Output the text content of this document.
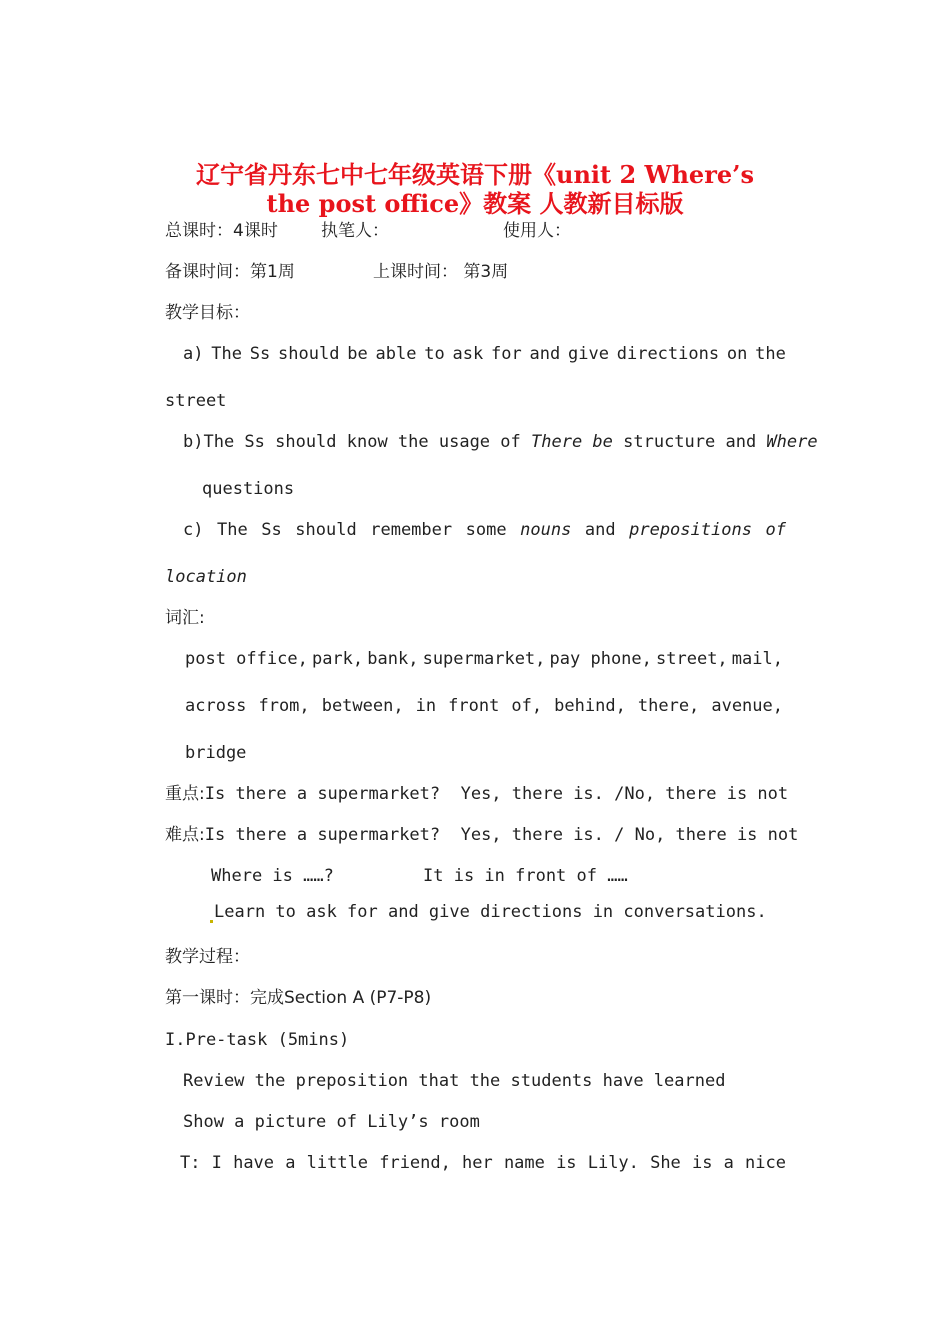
辽宁省丹东七中七年级英语下册《unit 2 Where’s
the post office》教案 人教新目标版
总课时：4课时	执笔人：	使用人：
备课时间：第1周	上课时间： 第3周
教学目标：
a) The Ss should be able to ask for and give directions on the
street
b)The Ss should know the usage of There be structure and Where
questions
c) The Ss should remember some nouns and prepositions of
location
词汇:
post office, park, bank, supermarket, pay phone, street, mail,
across from, between, in front of, behind, there, avenue,
bridge
重点:Is there a supermarket?  Yes, there is. /No, there is not
难点:Is there a supermarket?  Yes, there is. / No, there is not
Where is ……?	It is in front of ……
Learn to ask for and give directions in conversations.
教学过程：
第一课时：完成Section A (P7-P8)
I.Pre-task (5mins)
Review the preposition that the students have learned
Show a picture of Lily’s room
T: I have a little friend, her name is Lily. She is a nice
